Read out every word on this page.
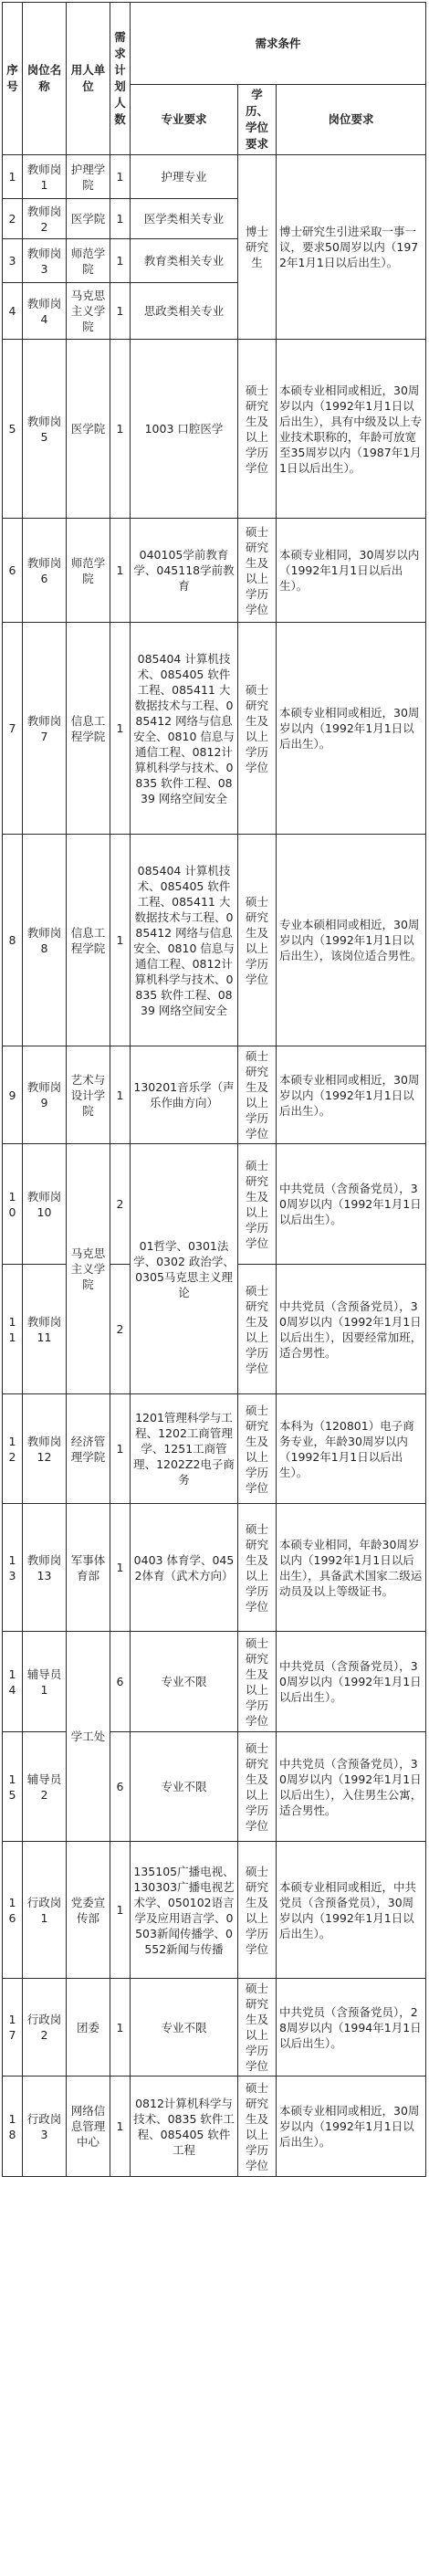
序号	岗位名称	用人单位	需求计划人数	需求条件		
				专业要求	学历、学位要求	岗位要求
1	教师岗1	护理学院	1	护理专业	博士研究生	博士研究生引进采取一事一议，要求50周岁以内（1972年1月1日以后出生）。
2	教师岗2	医学院	1	医学类相关专业		
3	教师岗3	师范学院	1	教育类相关专业		
4	教师岗4	马克思主义学院	1	思政类相关专业		
5	教师岗5	医学院	1	1003 口腔医学	硕士研究生及以上学历学位	本硕专业相同或相近，30周岁以内（1992年1月1日以后出生），具有中级及以上专业技术职称的，年龄可放宽至35周岁以内（1987年1月1日以后出生）。
6	教师岗6	师范学院	1	040105学前教育学、045118学前教育	硕士研究生及以上学历学位	本硕专业相同，30周岁以内（1992年1月1日以后出生）。
7	教师岗7	信息工程学院	1	085404 计算机技术、085405 软件工程、085411 大数据技术与工程、085412 网络与信息安全、0810 信息与通信工程、0812计算机科学与技术、0835 软件工程、0839 网络空间安全	硕士研究生及以上学历学位	本硕专业相同或相近，30周岁以内（1992年1月1日以后出生）。
8	教师岗8	信息工程学院	1	085404 计算机技术、085405 软件工程、085411 大数据技术与工程、085412 网络与信息安全、0810 信息与通信工程、0812计算机科学与技术、0835 软件工程、0839 网络空间安全	硕士研究生及以上学历学位	专业本硕相同或相近，30周岁以内（1992年1月1日以后出生），该岗位适合男性。
9	教师岗9	艺术与设计学院	1	130201音乐学（声乐作曲方向）	硕士研究生及以上学历学位	本硕专业相同或相近，30周岁以内（1992年1月1日以后出生）。
10	教师岗10	马克思主义学院	2	01哲学、0301法学、0302 政治学、0305马克思主义理论	硕士研究生及以上学历学位	中共党员（含预备党员），30周岁以内（1992年1月1日以后出生）。
11	教师岗11		2		硕士研究生及以上学历学位	中共党员（含预备党员），30周岁以内（1992年1月1日以后出生），因要经常加班，适合男性。
12	教师岗12	经济管理学院	1	1201管理科学与工程、1202工商管理学、1251工商管理、1202Z2电子商务	硕士研究生及以上学历学位	本科为（120801）电子商务专业，年龄30周岁以内（1992年1月1日以后出生）。
13	教师岗13	军事体育部	1	0403 体育学、0452体育（武术方向）	硕士研究生及以上学历学位	本硕专业相同，年龄30周岁以内（1992年1月1日以后出生），具备武术国家二级运动员及以上等级证书。
14	辅导员1	学工处	6	专业不限	硕士研究生及以上学历学位	中共党员（含预备党员），30周岁以内（1992年1月1日以后出生）。
15	辅导员2		6	专业不限	硕士研究生及以上学历学位	中共党员（含预备党员），30周岁以内（1992年1月1日以后出生），入住男生公寓，适合男性。
16	行政岗1	党委宣传部	1	135105广播电视、130303广播电视艺术学、050102语言学及应用语言学、0503新闻传播学、0552新闻与传播	硕士研究生及以上学历学位	本硕专业相同或相近，中共党员（含预备党员），30周岁以内（1992年1月1日以后出生）。
17	行政岗2	团委	1	专业不限	硕士研究生及以上学历学位	中共党员（含预备党员），28周岁以内（1994年1月1日以后出生）。
18	行政岗3	网络信息管理中心	1	0812计算机科学与技术、0835 软件工程、085405 软件工程	硕士研究生及以上学历学位	本硕专业相同或相近，30周岁以内（1992年1月1日以后出生）。
